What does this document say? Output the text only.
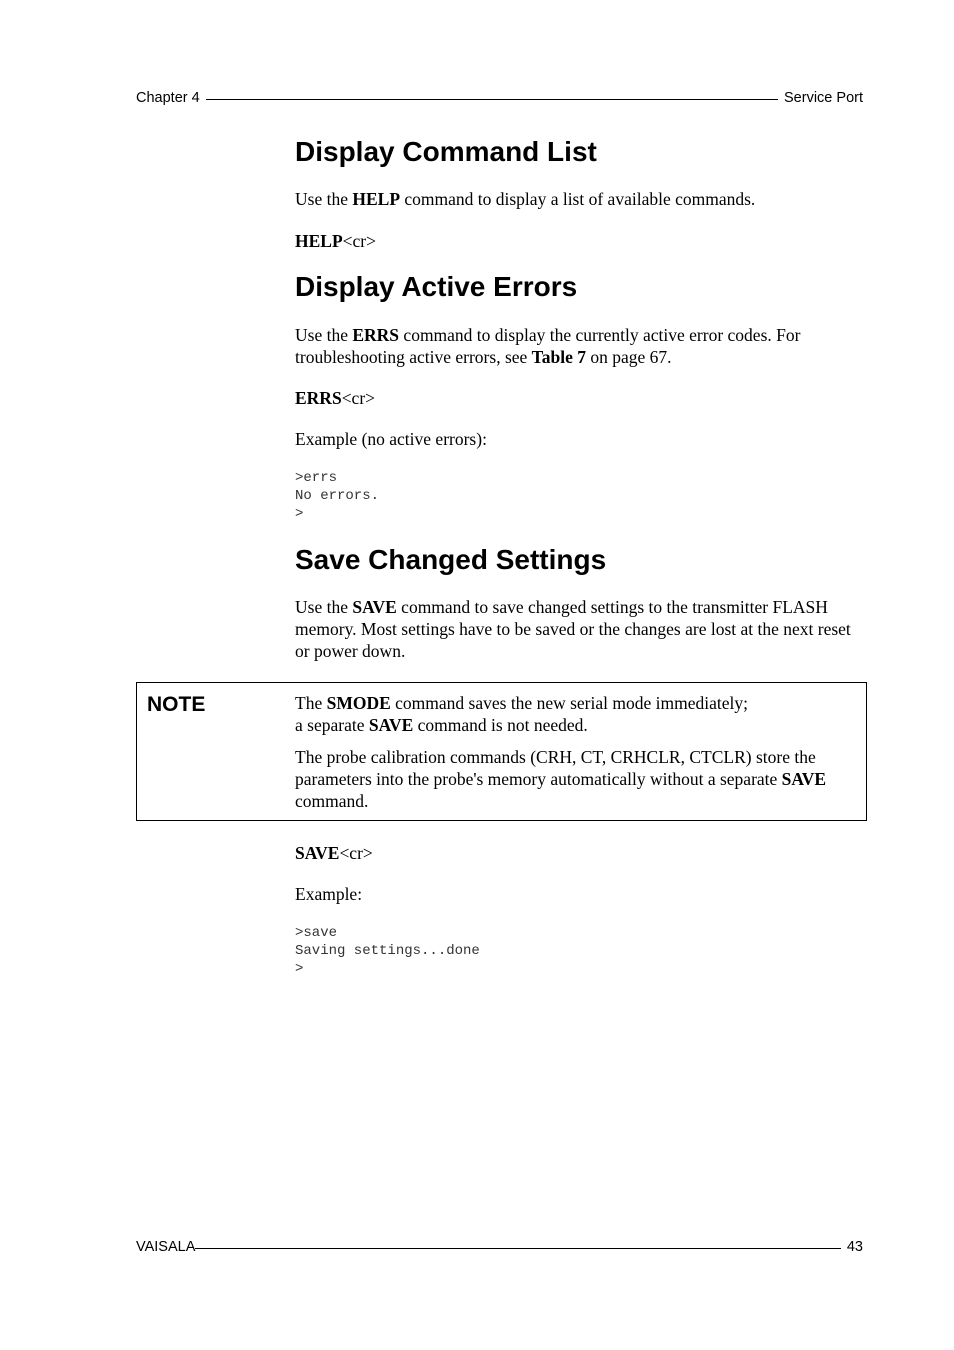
Chapter 4	Service Port
Display Command List

Use the HELP command to display a list of available commands.

HELP<cr>

Display Active Errors

Use the ERRS command to display the currently active error codes. For troubleshooting active errors, see Table 7 on page 67.

ERRS<cr>

Example (no active errors):

>errs
No errors.
>
Save Changed Settings

Use the SAVE command to save changed settings to the transmitter FLASH memory. Most settings have to be saved or the changes are lost at the next reset or power down.

NOTE	The SMODE command saves the new serial mode immediately;
a separate SAVE command is not needed.

The probe calibration commands (CRH, CT, CRHCLR, CTCLR) store the parameters into the probe's memory automatically without a separate SAVE command.

SAVE<cr>

Example:

>save
Saving settings...done
>
VAISALA	43
